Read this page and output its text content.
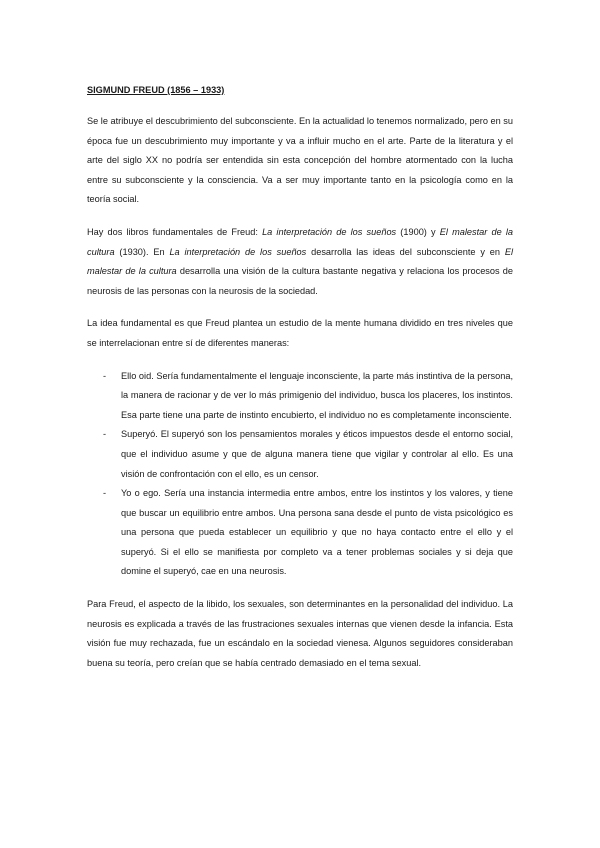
SIGMUND FREUD (1856 – 1933)

Se le atribuye el descubrimiento del subconsciente. En la actualidad lo tenemos normalizado, pero en su época fue un descubrimiento muy importante y va a influir mucho en el arte. Parte de la literatura y el arte del siglo XX no podría ser entendida sin esta concepción del hombre atormentado con la lucha entre su subconsciente y la consciencia. Va a ser muy importante tanto en la psicología como en la teoría social.

Hay dos libros fundamentales de Freud: La interpretación de los sueños (1900) y El malestar de la cultura (1930). En La interpretación de los sueños desarrolla las ideas del subconsciente y en El malestar de la cultura desarrolla una visión de la cultura bastante negativa y relaciona los procesos de neurosis de las personas con la neurosis de la sociedad.

La idea fundamental es que Freud plantea un estudio de la mente humana dividido en tres niveles que se interrelacionan entre sí de diferentes maneras:

- Ello oid. Sería fundamentalmente el lenguaje inconsciente, la parte más instintiva de la persona, la manera de racionar y de ver lo más primigenio del individuo, busca los placeres, los instintos. Esa parte tiene una parte de instinto encubierto, el individuo no es completamente inconsciente.
- Superyó. El superyó son los pensamientos morales y éticos impuestos desde el entorno social, que el individuo asume y que de alguna manera tiene que vigilar y controlar al ello. Es una visión de confrontación con el ello, es un censor.
- Yo o ego. Sería una instancia intermedia entre ambos, entre los instintos y los valores, y tiene que buscar un equilibrio entre ambos. Una persona sana desde el punto de vista psicológico es una persona que pueda establecer un equilibrio y que no haya contacto entre el ello y el superyó. Si el ello se manifiesta por completo va a tener problemas sociales y si deja que domine el superyó, cae en una neurosis.

Para Freud, el aspecto de la libido, los sexuales, son determinantes en la personalidad del individuo. La neurosis es explicada a través de las frustraciones sexuales internas que vienen desde la infancia. Esta visión fue muy rechazada, fue un escándalo en la sociedad vienesa. Algunos seguidores consideraban buena su teoría, pero creían que se había centrado demasiado en el tema sexual.
